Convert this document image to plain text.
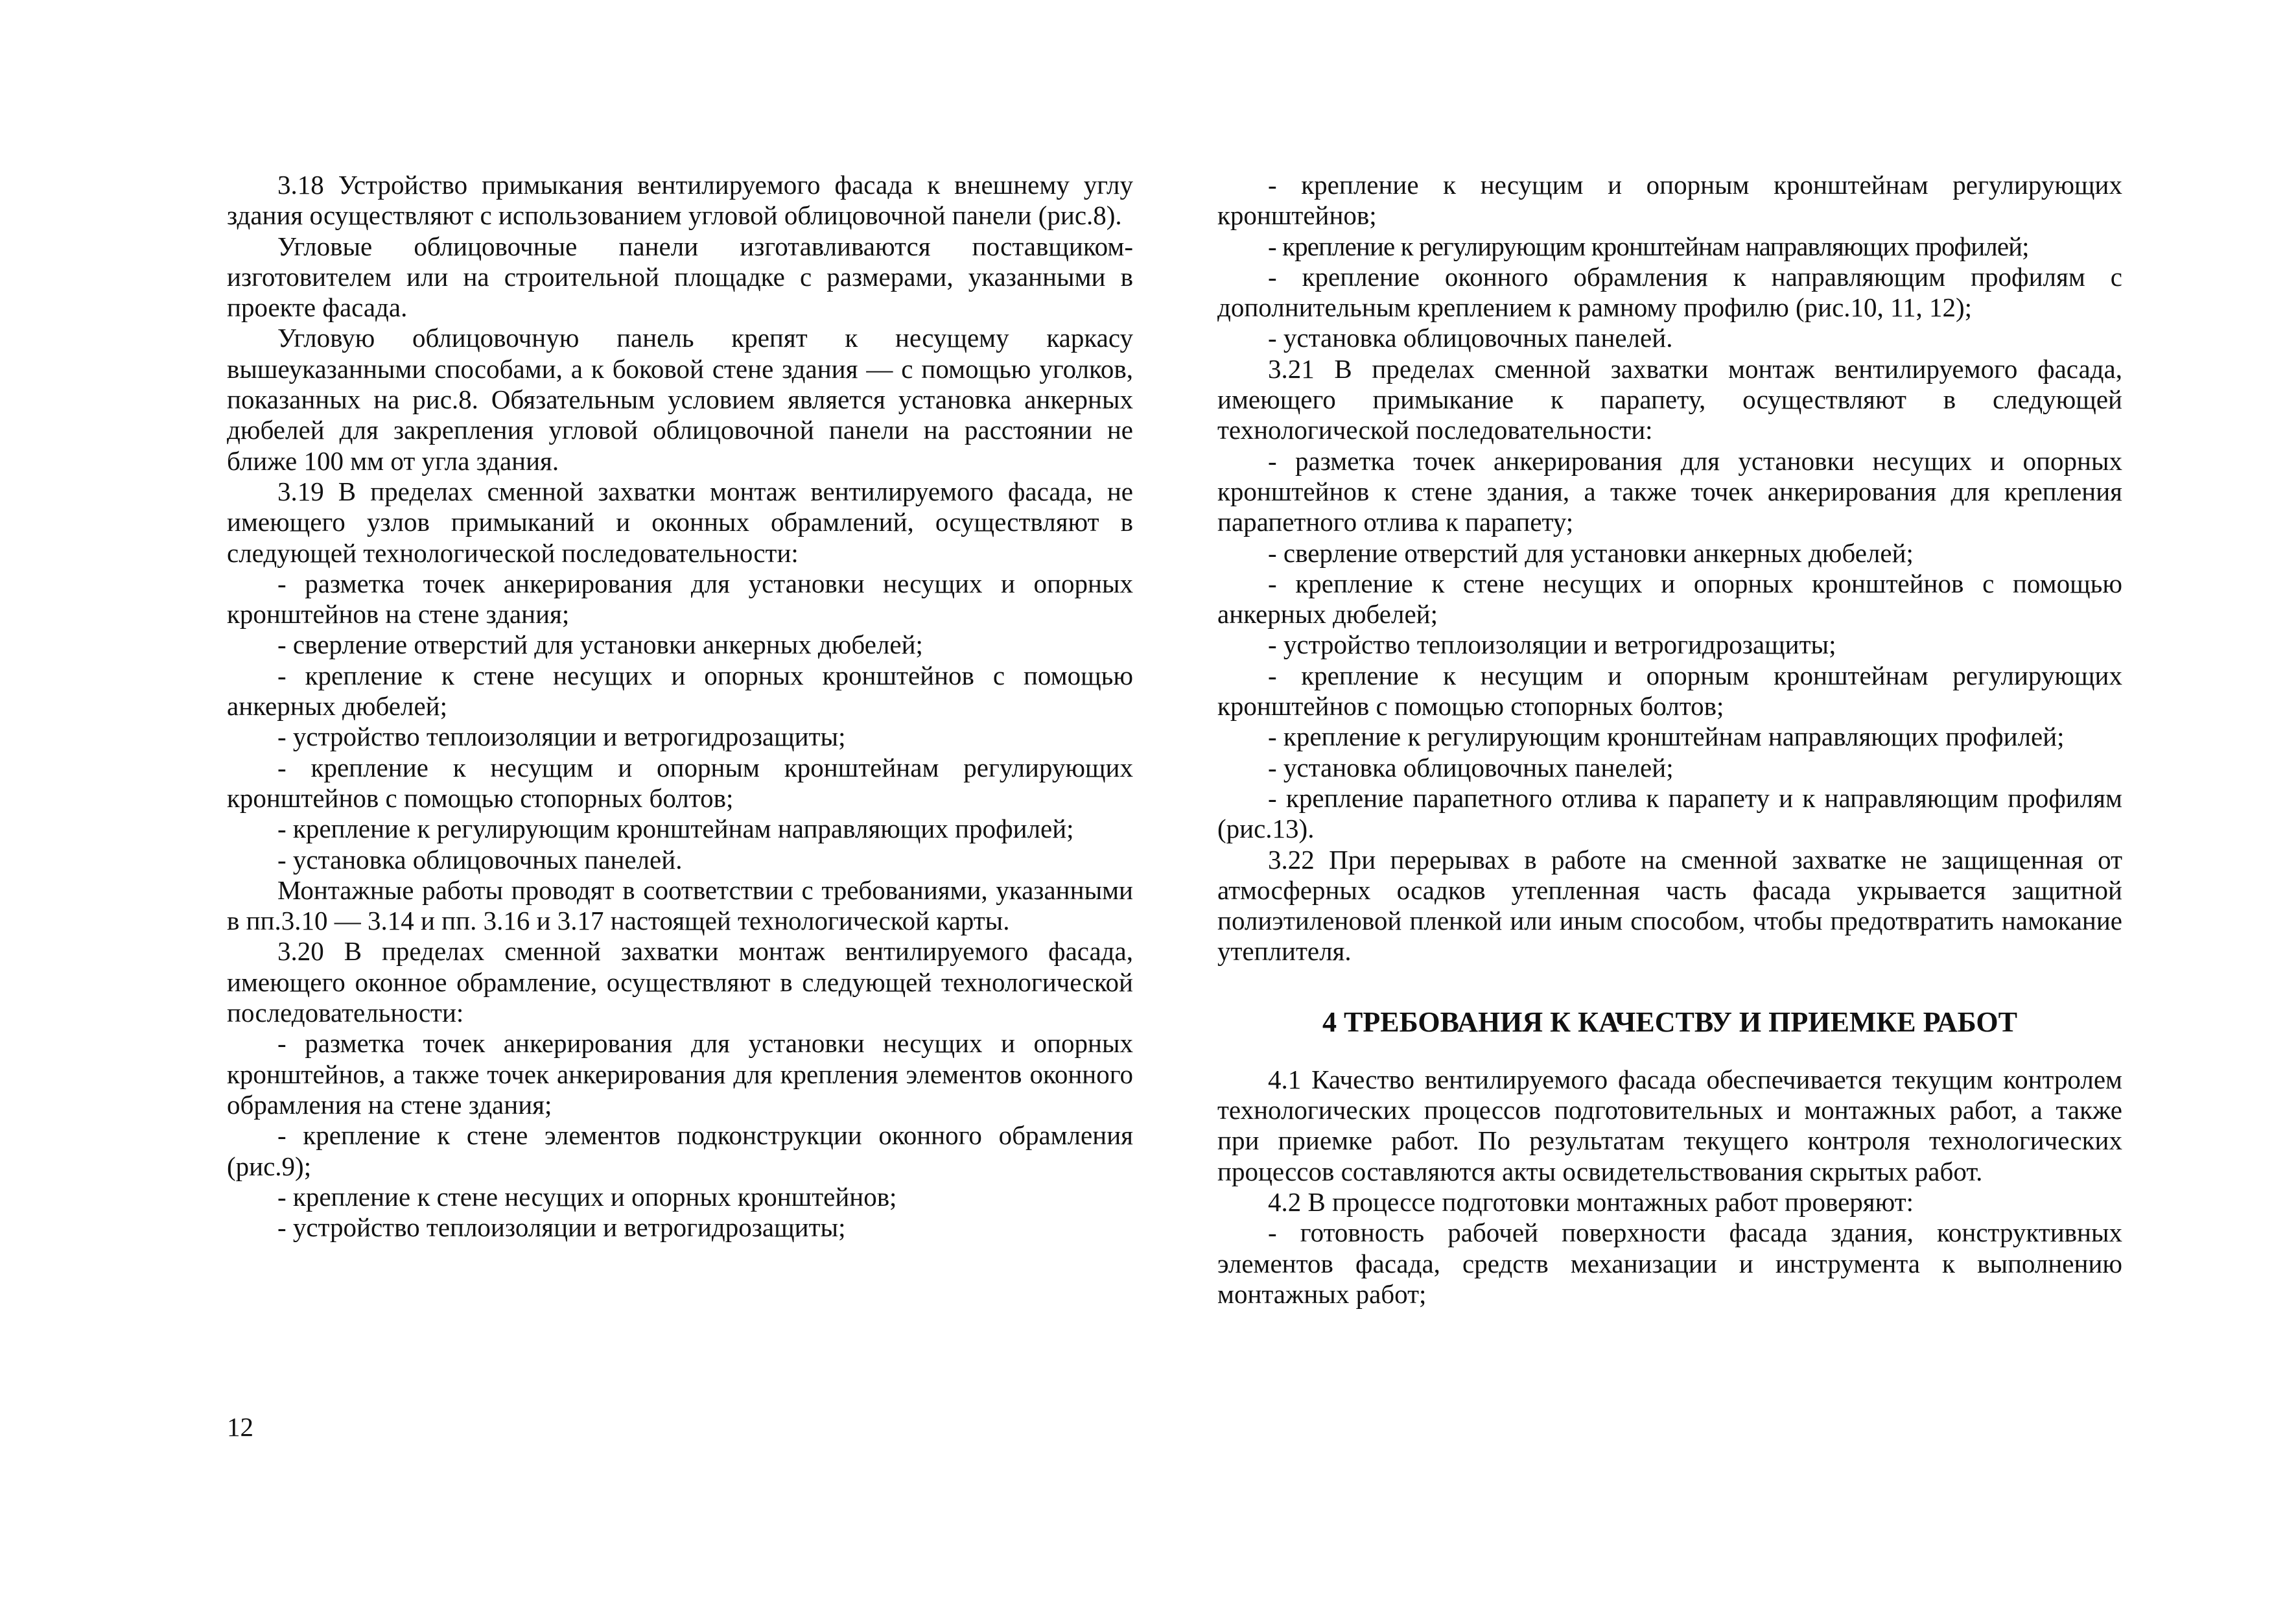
3.18 Устройство примыкания вентилируемого фасада к внешнему углу здания осуществляют с использованием угловой облицовочной панели (рис.8).

Угловые облицовочные панели изготавливаются поставщиком-изготовителем или на строительной площадке с размерами, указанными в проекте фасада.

Угловую облицовочную панель крепят к несущему каркасу вышеуказанными способами, а к боковой стене здания — с помощью уголков, показанных на рис.8. Обязательным условием является установка анкерных дюбелей для закрепления угловой облицовочной панели на расстоянии не ближе 100 мм от угла здания.

3.19 В пределах сменной захватки монтаж вентилируемого фасада, не имеющего узлов примыканий и оконных обрамлений, осуществляют в следующей технологической последовательности:

- разметка точек анкерирования для установки несущих и опорных кронштейнов на стене здания;

- сверление отверстий для установки анкерных дюбелей;

- крепление к стене несущих и опорных кронштейнов с помощью анкерных дюбелей;

- устройство теплоизоляции и ветрогидрозащиты;

- крепление к несущим и опорным кронштейнам регулирующих кронштейнов с помощью стопорных болтов;

- крепление к регулирующим кронштейнам направляющих профилей;

- установка облицовочных панелей.

Монтажные работы проводят в соответствии с требованиями, указанными в пп.3.10 — 3.14 и пп. 3.16 и 3.17 настоящей технологической карты.

3.20 В пределах сменной захватки монтаж вентилируемого фасада, имеющего оконное обрамление, осуществляют в следующей технологической последовательности:

- разметка точек анкерирования для установки несущих и опорных кронштейнов, а также точек анкерирования для крепления элементов оконного обрамления на стене здания;

- крепление к стене элементов подконструкции оконного обрамления (рис.9);

- крепление к стене несущих и опорных кронштейнов;

- устройство теплоизоляции и ветрогидрозащиты;

- крепление к несущим и опорным кронштейнам регулирующих кронштейнов;

- крепление к регулирующим кронштейнам направляющих профилей;

- крепление оконного обрамления к направляющим профилям с дополнительным креплением к рамному профилю (рис.10, 11, 12);

- установка облицовочных панелей.

3.21 В пределах сменной захватки монтаж вентилируемого фасада, имеющего примыкание к парапету, осуществляют в следующей технологической последовательности:

- разметка точек анкерирования для установки несущих и опорных кронштейнов к стене здания, а также точек анкерирования для крепления парапетного отлива к парапету;

- сверление отверстий для установки анкерных дюбелей;

- крепление к стене несущих и опорных кронштейнов с помощью анкерных дюбелей;

- устройство теплоизоляции и ветрогидрозащиты;

- крепление к несущим и опорным кронштейнам регулирующих кронштейнов с помощью стопорных болтов;

- крепление к регулирующим кронштейнам направляющих профилей;

- установка облицовочных панелей;

- крепление парапетного отлива к парапету и к направляющим профилям (рис.13).

3.22 При перерывах в работе на сменной захватке не защищенная от атмосферных осадков утепленная часть фасада укрывается защитной полиэтиленовой пленкой или иным способом, чтобы предотвратить намокание утеплителя.

4 ТРЕБОВАНИЯ К КАЧЕСТВУ И ПРИЕМКЕ РАБОТ

4.1 Качество вентилируемого фасада обеспечивается текущим контролем технологических процессов подготовительных и монтажных работ, а также при приемке работ. По результатам текущего контроля технологических процессов составляются акты освидетельствования скрытых работ.

4.2 В процессе подготовки монтажных работ проверяют:

- готовность рабочей поверхности фасада здания, конструктивных элементов фасада, средств механизации и инструмента к выполнению монтажных работ;

12
